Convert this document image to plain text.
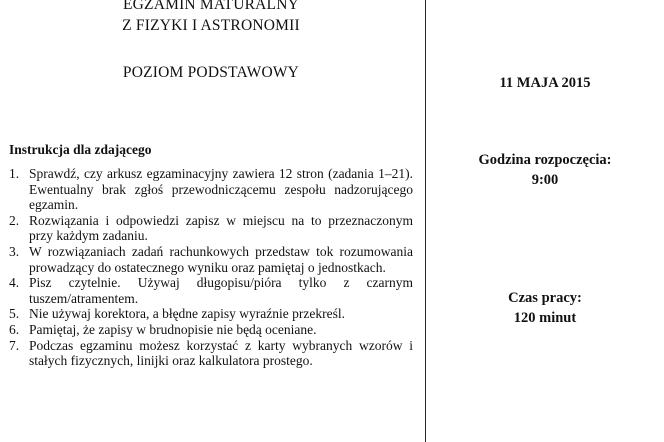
EGZAMIN MATURALNY
Z FIZYKI I ASTRONOMII
POZIOM PODSTAWOWY
Instrukcja dla zdającego
1. Sprawdź, czy arkusz egzaminacyjny zawiera 12 stron (zadania 1–21). Ewentualny brak zgłoś przewodniczącemu zespołu nadzorującego egzamin.
2. Rozwiązania i odpowiedzi zapisz w miejscu na to przeznaczonym przy każdym zadaniu.
3. W rozwiązaniach zadań rachunkowych przedstaw tok rozumowania prowadzący do ostatecznego wyniku oraz pamiętaj o jednostkach.
4. Pisz czytelnie. Używaj długopisu/pióra tylko z czarnym tuszem/atramentem.
5. Nie używaj korektora, a błędne zapisy wyraźnie przekreśl.
6. Pamiętaj, że zapisy w brudnopisie nie będą oceniane.
7. Podczas egzaminu możesz korzystać z karty wybranych wzorów i stałych fizycznych, linijki oraz kalkulatora prostego.
11 MAJA 2015
Godzina rozpoczęcia:
9:00
Czas pracy:
120 minut
